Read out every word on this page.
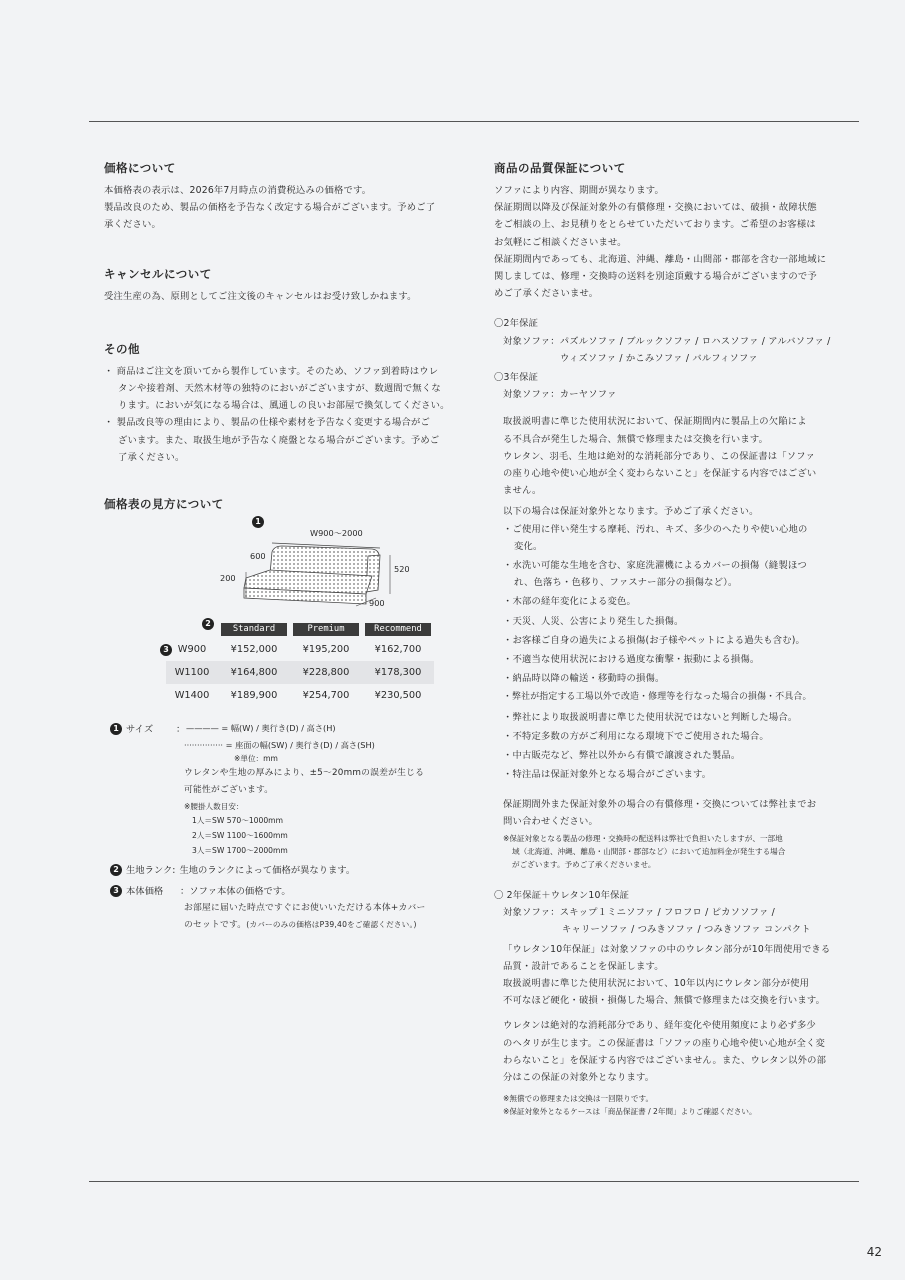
価格について

本価格表の表示は、2026年7月時点の消費税込みの価格です。

製品改良のため、製品の価格を予告なく改定する場合がございます。予めご了

承ください。

キャンセルについて

受注生産の為、原則としてご注文後のキャンセルはお受け致しかねます。

その他

・ 商品はご注文を頂いてから製作しています。そのため、ソファ到着時はウレ

タンや接着剤、天然木材等の独特のにおいがございますが、数週間で無くな

ります。においが気になる場合は、風通しの良いお部屋で換気してください。

・ 製品改良等の理由により、製品の仕様や素材を予告なく変更する場合がご

ざいます。また、取扱生地が予告なく廃盤となる場合がございます。予めご

了承ください。

価格表の見方について
1
W900〜2000
600
200
520
900
2
3
	Standard	Premium	Recommend
W900	¥152,000	¥195,200	¥162,700
W1100	¥164,800	¥228,800	¥178,300
W1400	¥189,900	¥254,700	¥230,500
1 サイズ	： ———— = 幅(W) / 奥行き(D) / 高さ(H)
··············· = 座面の幅(SW) / 奥行き(D) / 高さ(SH)
※単位：mm

ウレタンや生地の厚みにより、±5〜20mmの誤差が生じる

可能性がございます。

※腰掛人数目安：
1人＝SW 570〜1000mm
2人＝SW 1100〜1600mm
3人＝SW 1700〜2000mm
2 生地ランク: 生地のランクによって価格が異なります。
3 本体価格	：ソファ本体の価格です。

お部屋に届いた時点ですぐにお使いいただける本体+カバー

のセットです。(カバーのみの価格はP39,40をご確認ください。)

商品の品質保証について

ソファにより内容、期間が異なります。

保証期間以降及び保証対象外の有償修理・交換においては、破損・故障状態

をご相談の上、お見積りをとらせていただいております。ご希望のお客様は

お気軽にご相談くださいませ。

保証期間内であっても、北海道、沖縄、離島・山間部・郡部を含む一部地域に

関しましては、修理・交換時の送料を別途頂戴する場合がございますので予

めご了承くださいませ。

〇2年保証

対象ソファ：パズルソファ / ブルックソファ / ロハスソファ / アルバソファ /

ウィズソファ / かこみソファ / バルフィソファ

〇3年保証

対象ソファ：カーヤソファ

取扱説明書に準じた使用状況において、保証期間内に製品上の欠陥によ

る不具合が発生した場合、無償で修理または交換を行います。

ウレタン、羽毛、生地は絶対的な消耗部分であり、この保証書は「ソファ

の座り心地や使い心地が全く変わらないこと」を保証する内容ではござい

ません。

以下の場合は保証対象外となります。予めご了承ください。

・ご使用に伴い発生する摩耗、汚れ、キズ、多少のへたりや使い心地の

変化。

・水洗い可能な生地を含む、家庭洗濯機によるカバーの損傷（縫製ほつ

れ、色落ち・色移り、ファスナー部分の損傷など）。

・木部の経年変化による変色。

・天災、人災、公害により発生した損傷。

・お客様ご自身の過失による損傷(お子様やペットによる過失も含む)。

・不適当な使用状況における過度な衝撃・振動による損傷。

・納品時以降の輸送・移動時の損傷。

・弊社が指定する工場以外で改造・修理等を行なった場合の損傷・不具合。

・弊社により取扱説明書に準じた使用状況ではないと判断した場合。

・不特定多数の方がご利用になる環境下でご使用された場合。

・中古販売など、弊社以外から有償で譲渡された製品。

・特注品は保証対象外となる場合がございます。

保証期間外また保証対象外の場合の有償修理・交換については弊社までお

問い合わせください。

※保証対象となる製品の修理・交換時の配送料は弊社で負担いたしますが、一部地
域（北海道、沖縄、離島・山間部・郡部など）において追加料金が発生する場合
がございます。予めご了承くださいませ。

〇 2年保証＋ウレタン10年保証

対象ソファ：スキップ１ミニソファ / フロフロ / ピカソソファ /

キャリーソファ / つみきソファ / つみきソファ コンパクト

「ウレタン10年保証」は対象ソファの中のウレタン部分が10年間使用できる

品質・設計であることを保証します。

取扱説明書に準じた使用状況において、10年以内にウレタン部分が使用

不可なほど硬化・破損・損傷した場合、無償で修理または交換を行います。

ウレタンは絶対的な消耗部分であり、経年変化や使用頻度により必ず多少

のヘタリが生じます。この保証書は「ソファの座り心地や使い心地が全く変

わらないこと」を保証する内容ではございません。また、ウレタン以外の部

分はこの保証の対象外となります。

※無償での修理または交換は一回限りです。
※保証対象外となるケースは「商品保証書 / 2年間」よりご確認ください。
42
